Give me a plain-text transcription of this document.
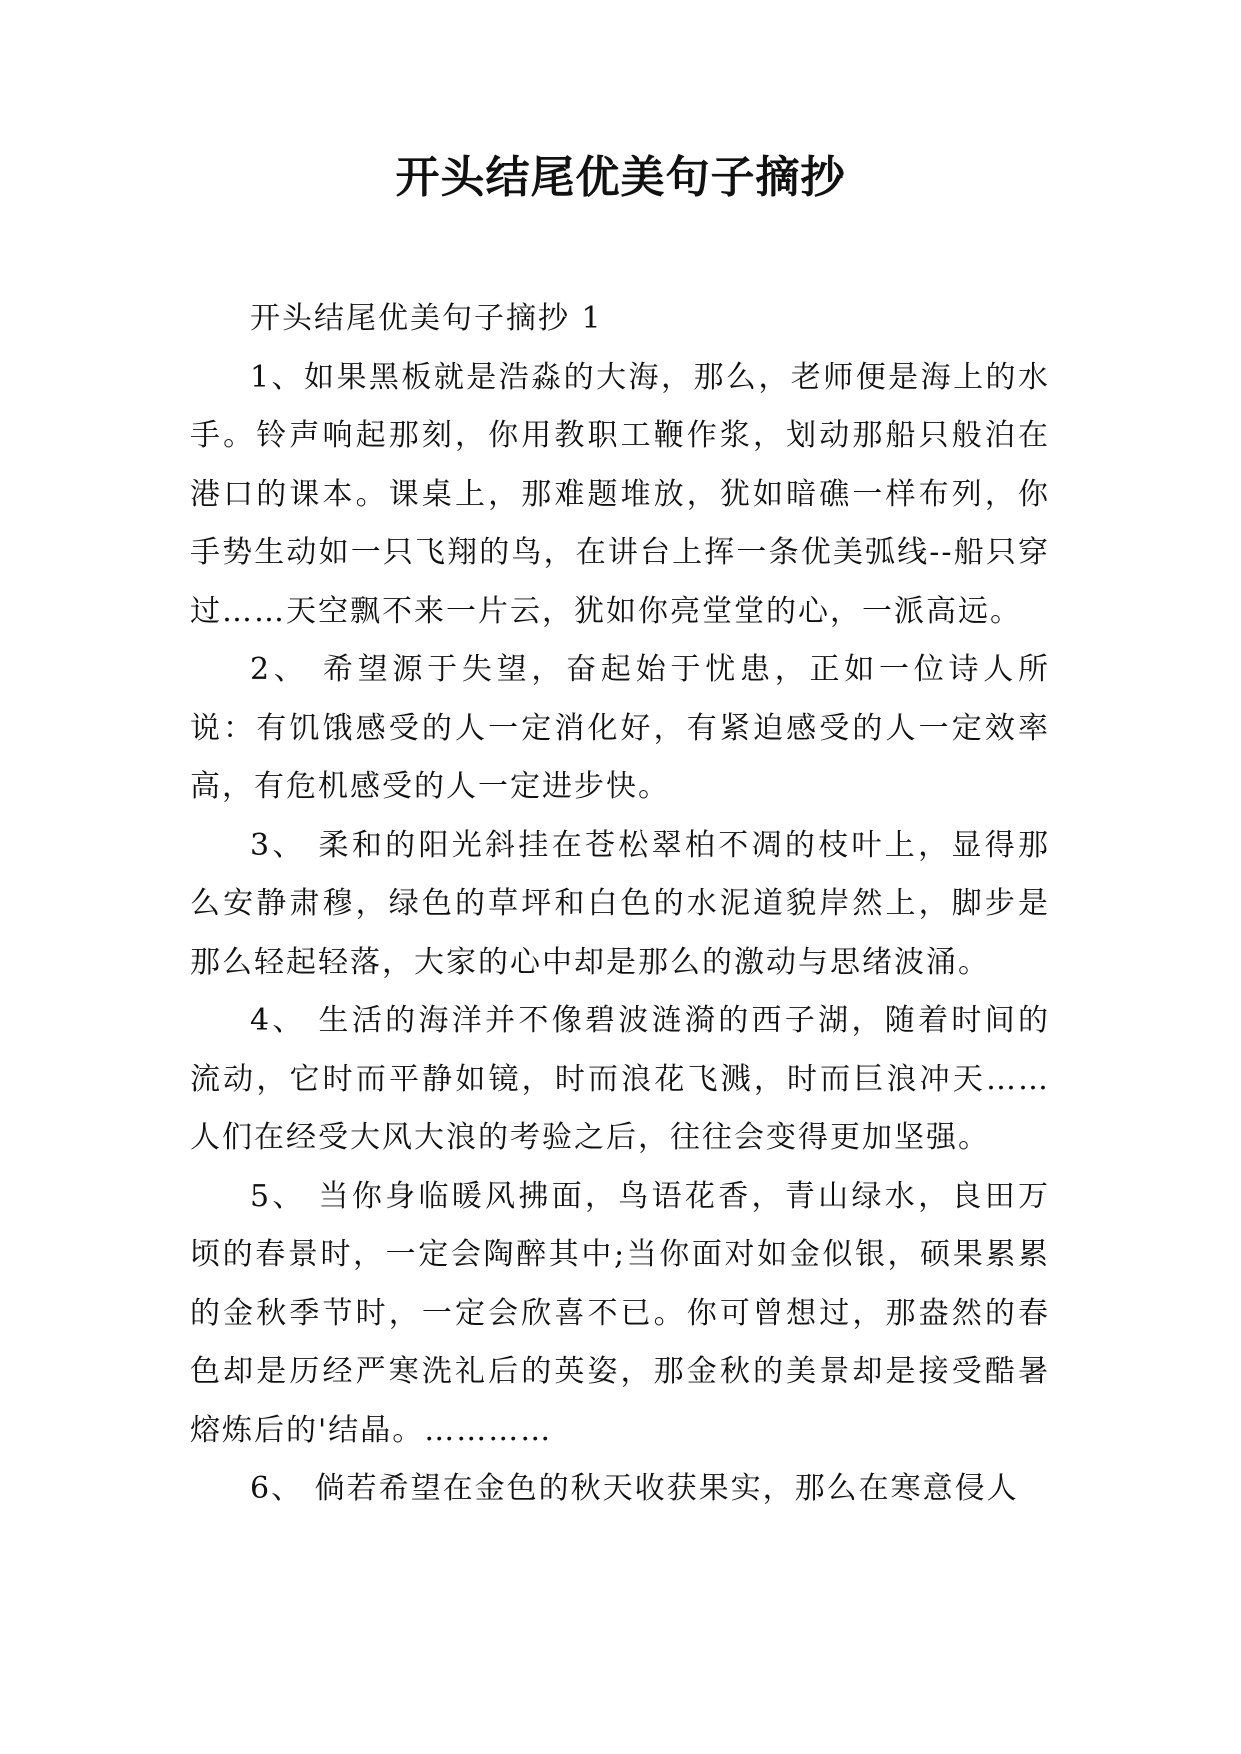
开头结尾优美句子摘抄

开头结尾优美句子摘抄 1

1、如果黑板就是浩淼的大海，那么，老师便是海上的水手。铃声响起那刻，你用教职工鞭作浆，划动那船只般泊在港口的课本。课桌上，那难题堆放，犹如暗礁一样布列，你手势生动如一只飞翔的鸟，在讲台上挥一条优美弧线--船只穿过……天空飘不来一片云，犹如你亮堂堂的心，一派高远。

2、 希望源于失望，奋起始于忧患，正如一位诗人所说：有饥饿感受的人一定消化好，有紧迫感受的人一定效率高，有危机感受的人一定进步快。

3、 柔和的阳光斜挂在苍松翠柏不凋的枝叶上，显得那么安静肃穆，绿色的草坪和白色的水泥道貌岸然上，脚步是那么轻起轻落，大家的心中却是那么的激动与思绪波涌。

4、 生活的海洋并不像碧波涟漪的西子湖，随着时间的流动，它时而平静如镜，时而浪花飞溅，时而巨浪冲天……人们在经受大风大浪的考验之后，往往会变得更加坚强。

5、 当你身临暖风拂面，鸟语花香，青山绿水，良田万顷的春景时，一定会陶醉其中;当你面对如金似银，硕果累累的金秋季节时，一定会欣喜不已。你可曾想过，那盎然的春色却是历经严寒洗礼后的英姿，那金秋的美景却是接受酷暑熔炼后的'结晶。…………

6、 倘若希望在金色的秋天收获果实，那么在寒意侵人
